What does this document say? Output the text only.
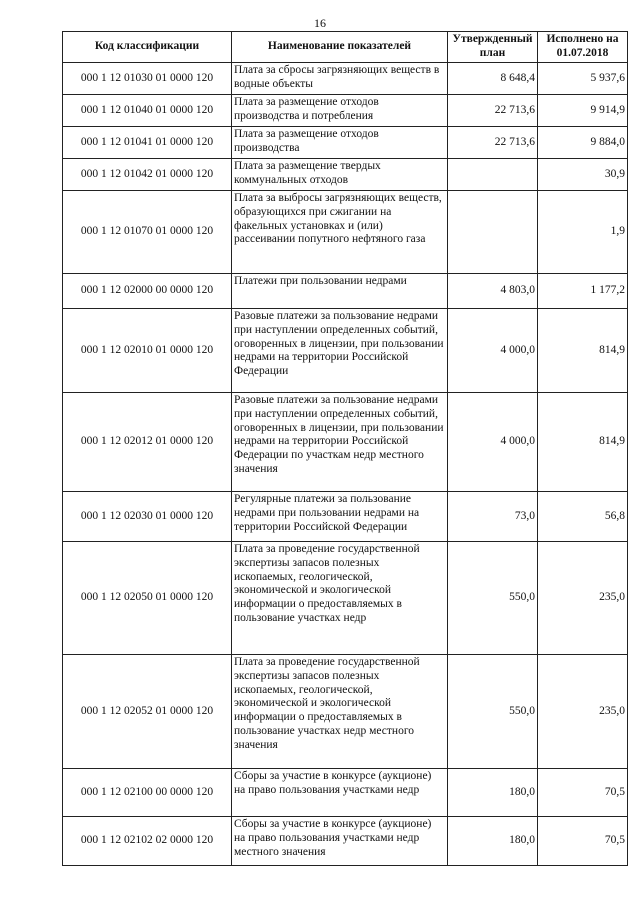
16
Код классификации	Наименование показателей	Утвержденный план	Исполнено на 01.07.2018
000 1 12 01030 01 0000 120	Плата за сбросы загрязняющих веществ в водные объекты	8 648,4	5 937,6
000 1 12 01040 01 0000 120	Плата за размещение отходов производства и потребления	22 713,6	9 914,9
000 1 12 01041 01 0000 120	Плата за размещение отходов производства	22 713,6	9 884,0
000 1 12 01042 01 0000 120	Плата за размещение твердых коммунальных отходов		30,9
000 1 12 01070 01 0000 120	Плата за выбросы загрязняющих веществ, образующихся при сжигании на факельных установках и (или) рассеивании попутного нефтяного газа		1,9
000 1 12 02000 00 0000 120	Платежи при пользовании недрами	4 803,0	1 177,2
000 1 12 02010 01 0000 120	Разовые платежи за пользование недрами при наступлении определенных событий, оговоренных в лицензии, при пользовании недрами на территории Российской Федерации	4 000,0	814,9
000 1 12 02012 01 0000 120	Разовые платежи за пользование недрами при наступлении определенных событий, оговоренных в лицензии, при пользовании недрами на территории Российской Федерации по участкам недр местного значения	4 000,0	814,9
000 1 12 02030 01 0000 120	Регулярные платежи за пользование недрами при пользовании недрами на территории Российской Федерации	73,0	56,8
000 1 12 02050 01 0000 120	Плата за проведение государственной экспертизы запасов полезных ископаемых, геологической, экономической и экологической информации о предоставляемых в пользование участках недр	550,0	235,0
000 1 12 02052 01 0000 120	Плата за проведение государственной экспертизы запасов полезных ископаемых, геологической, экономической и экологической информации о предоставляемых в пользование участках недр местного значения	550,0	235,0
000 1 12 02100 00 0000 120	Сборы за участие в конкурсе (аукционе) на право пользования участками недр	180,0	70,5
000 1 12 02102 02 0000 120	Сборы за участие в конкурсе (аукционе) на право пользования участками недр местного значения	180,0	70,5
